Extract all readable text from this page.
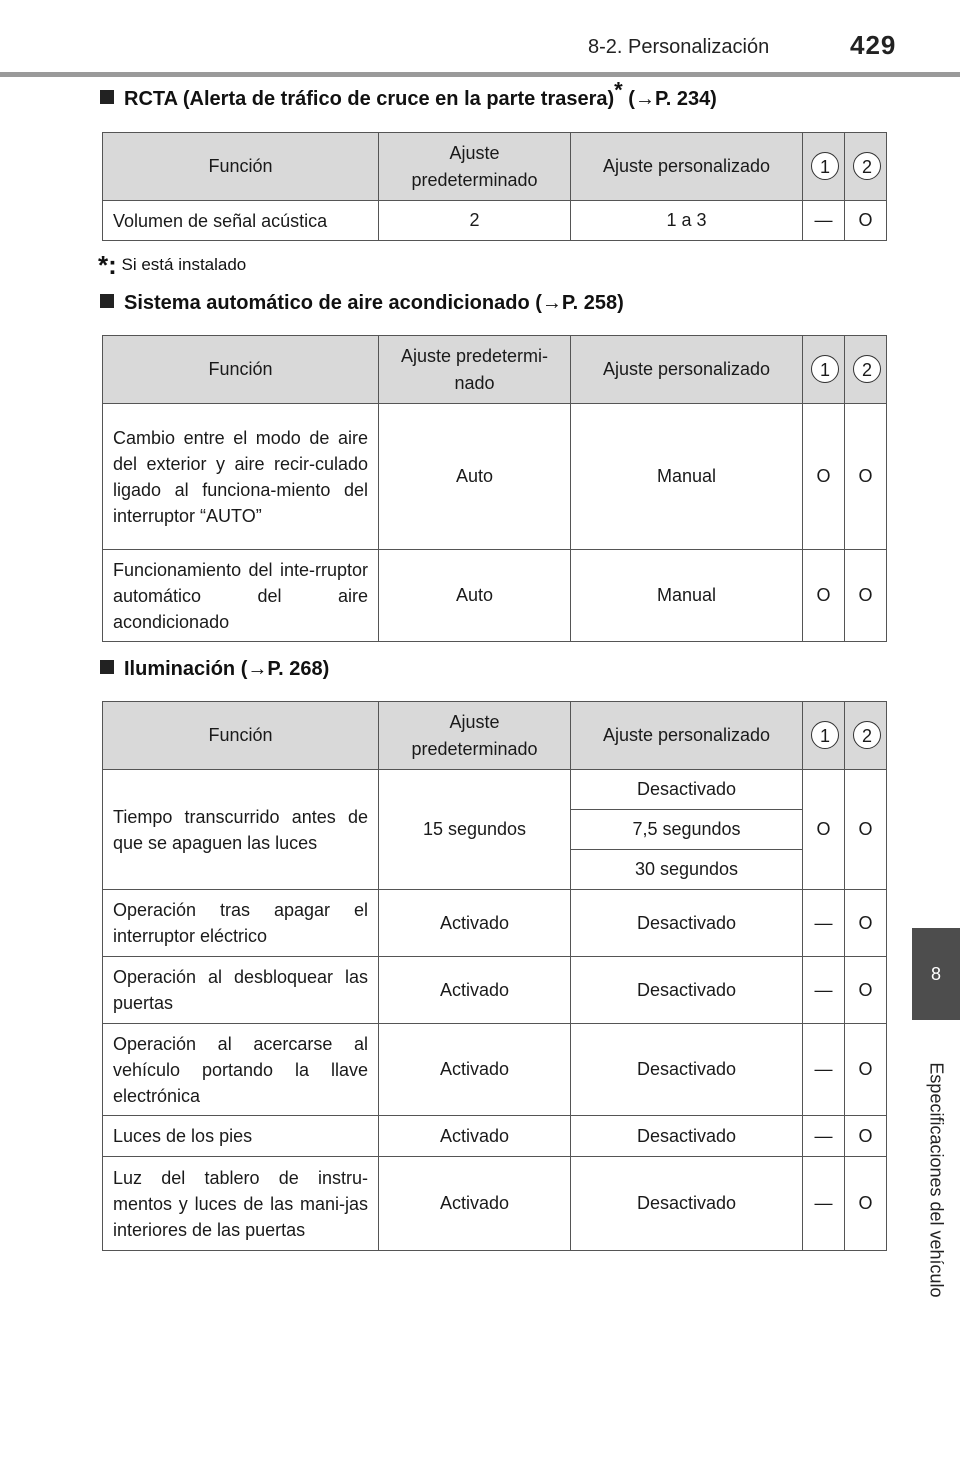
8-2. Personalización	429
8
Especificaciones del vehículo
RCTA (Alerta de tráfico de cruce en la parte trasera)* (→P. 234)
Función	Ajuste predeterminado	Ajuste personalizado	1	2
Volumen de señal acústica	2	1 a 3	—	O
*: Si está instalado
Sistema automático de aire acondicionado (→P. 258)
Función	Ajuste predetermi-nado	Ajuste personalizado	1	2
Cambio entre el modo de aire del exterior y aire recir-culado ligado al funciona-miento del interruptor “AUTO”	Auto	Manual	O	O
Funcionamiento del inte-rruptor automático del aire acondicionado	Auto	Manual	O	O
Iluminación (→P. 268)
Función	Ajuste predeterminado	Ajuste personalizado	1	2
Tiempo transcurrido antes de que se apaguen las luces	15 segundos	Desactivado	O	O
		7,5 segundos		
		30 segundos		
Operación tras apagar el interruptor eléctrico	Activado	Desactivado	—	O
Operación al desbloquear las puertas	Activado	Desactivado	—	O
Operación al acercarse al vehículo portando la llave electrónica	Activado	Desactivado	—	O
Luces de los pies	Activado	Desactivado	—	O
Luz del tablero de instru-mentos y luces de las mani-jas interiores de las puertas	Activado	Desactivado	—	O
